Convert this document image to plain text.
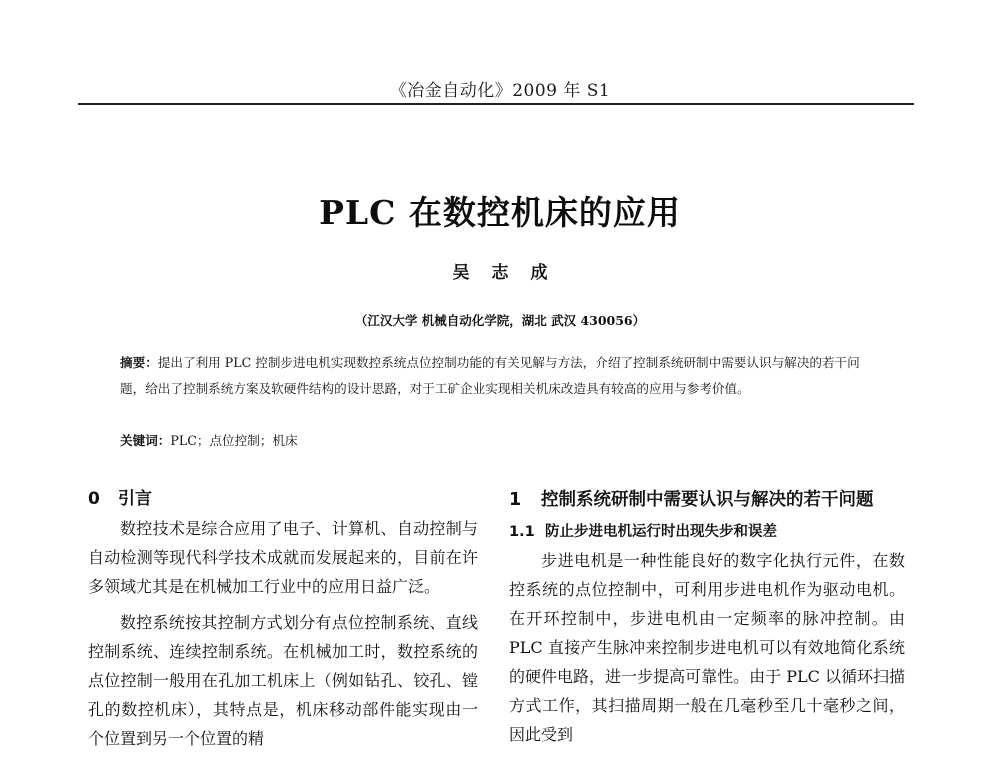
《冶金自动化》2009 年 S1
PLC 在数控机床的应用
吴志成
（江汉大学 机械自动化学院，湖北 武汉 430056）
摘要：提出了利用 PLC 控制步进电机实现数控系统点位控制功能的有关见解与方法，介绍了控制系统研制中需要认识与解决的若干问题，给出了控制系统方案及软硬件结构的设计思路，对于工矿企业实现相关机床改造具有较高的应用与参考价值。
关键词：PLC；点位控制；机床
0 引言

数控技术是综合应用了电子、计算机、自动控制与自动检测等现代科学技术成就而发展起来的，目前在许多领域尤其是在机械加工行业中的应用日益广泛。

数控系统按其控制方式划分有点位控制系统、直线控制系统、连续控制系统。在机械加工时，数控系统的点位控制一般用在孔加工机床上（例如钻孔、铰孔、镗孔的数控机床），其特点是，机床移动部件能实现由一个位置到另一个位置的精

1 控制系统研制中需要认识与解决的若干问题
1.1 防止步进电机运行时出现失步和误差

步进电机是一种性能良好的数字化执行元件，在数控系统的点位控制中，可利用步进电机作为驱动电机。在开环控制中，步进电机由一定频率的脉冲控制。由 PLC 直接产生脉冲来控制步进电机可以有效地简化系统的硬件电路，进一步提高可靠性。由于 PLC 以循环扫描方式工作，其扫描周期一般在几毫秒至几十毫秒之间，因此受到
